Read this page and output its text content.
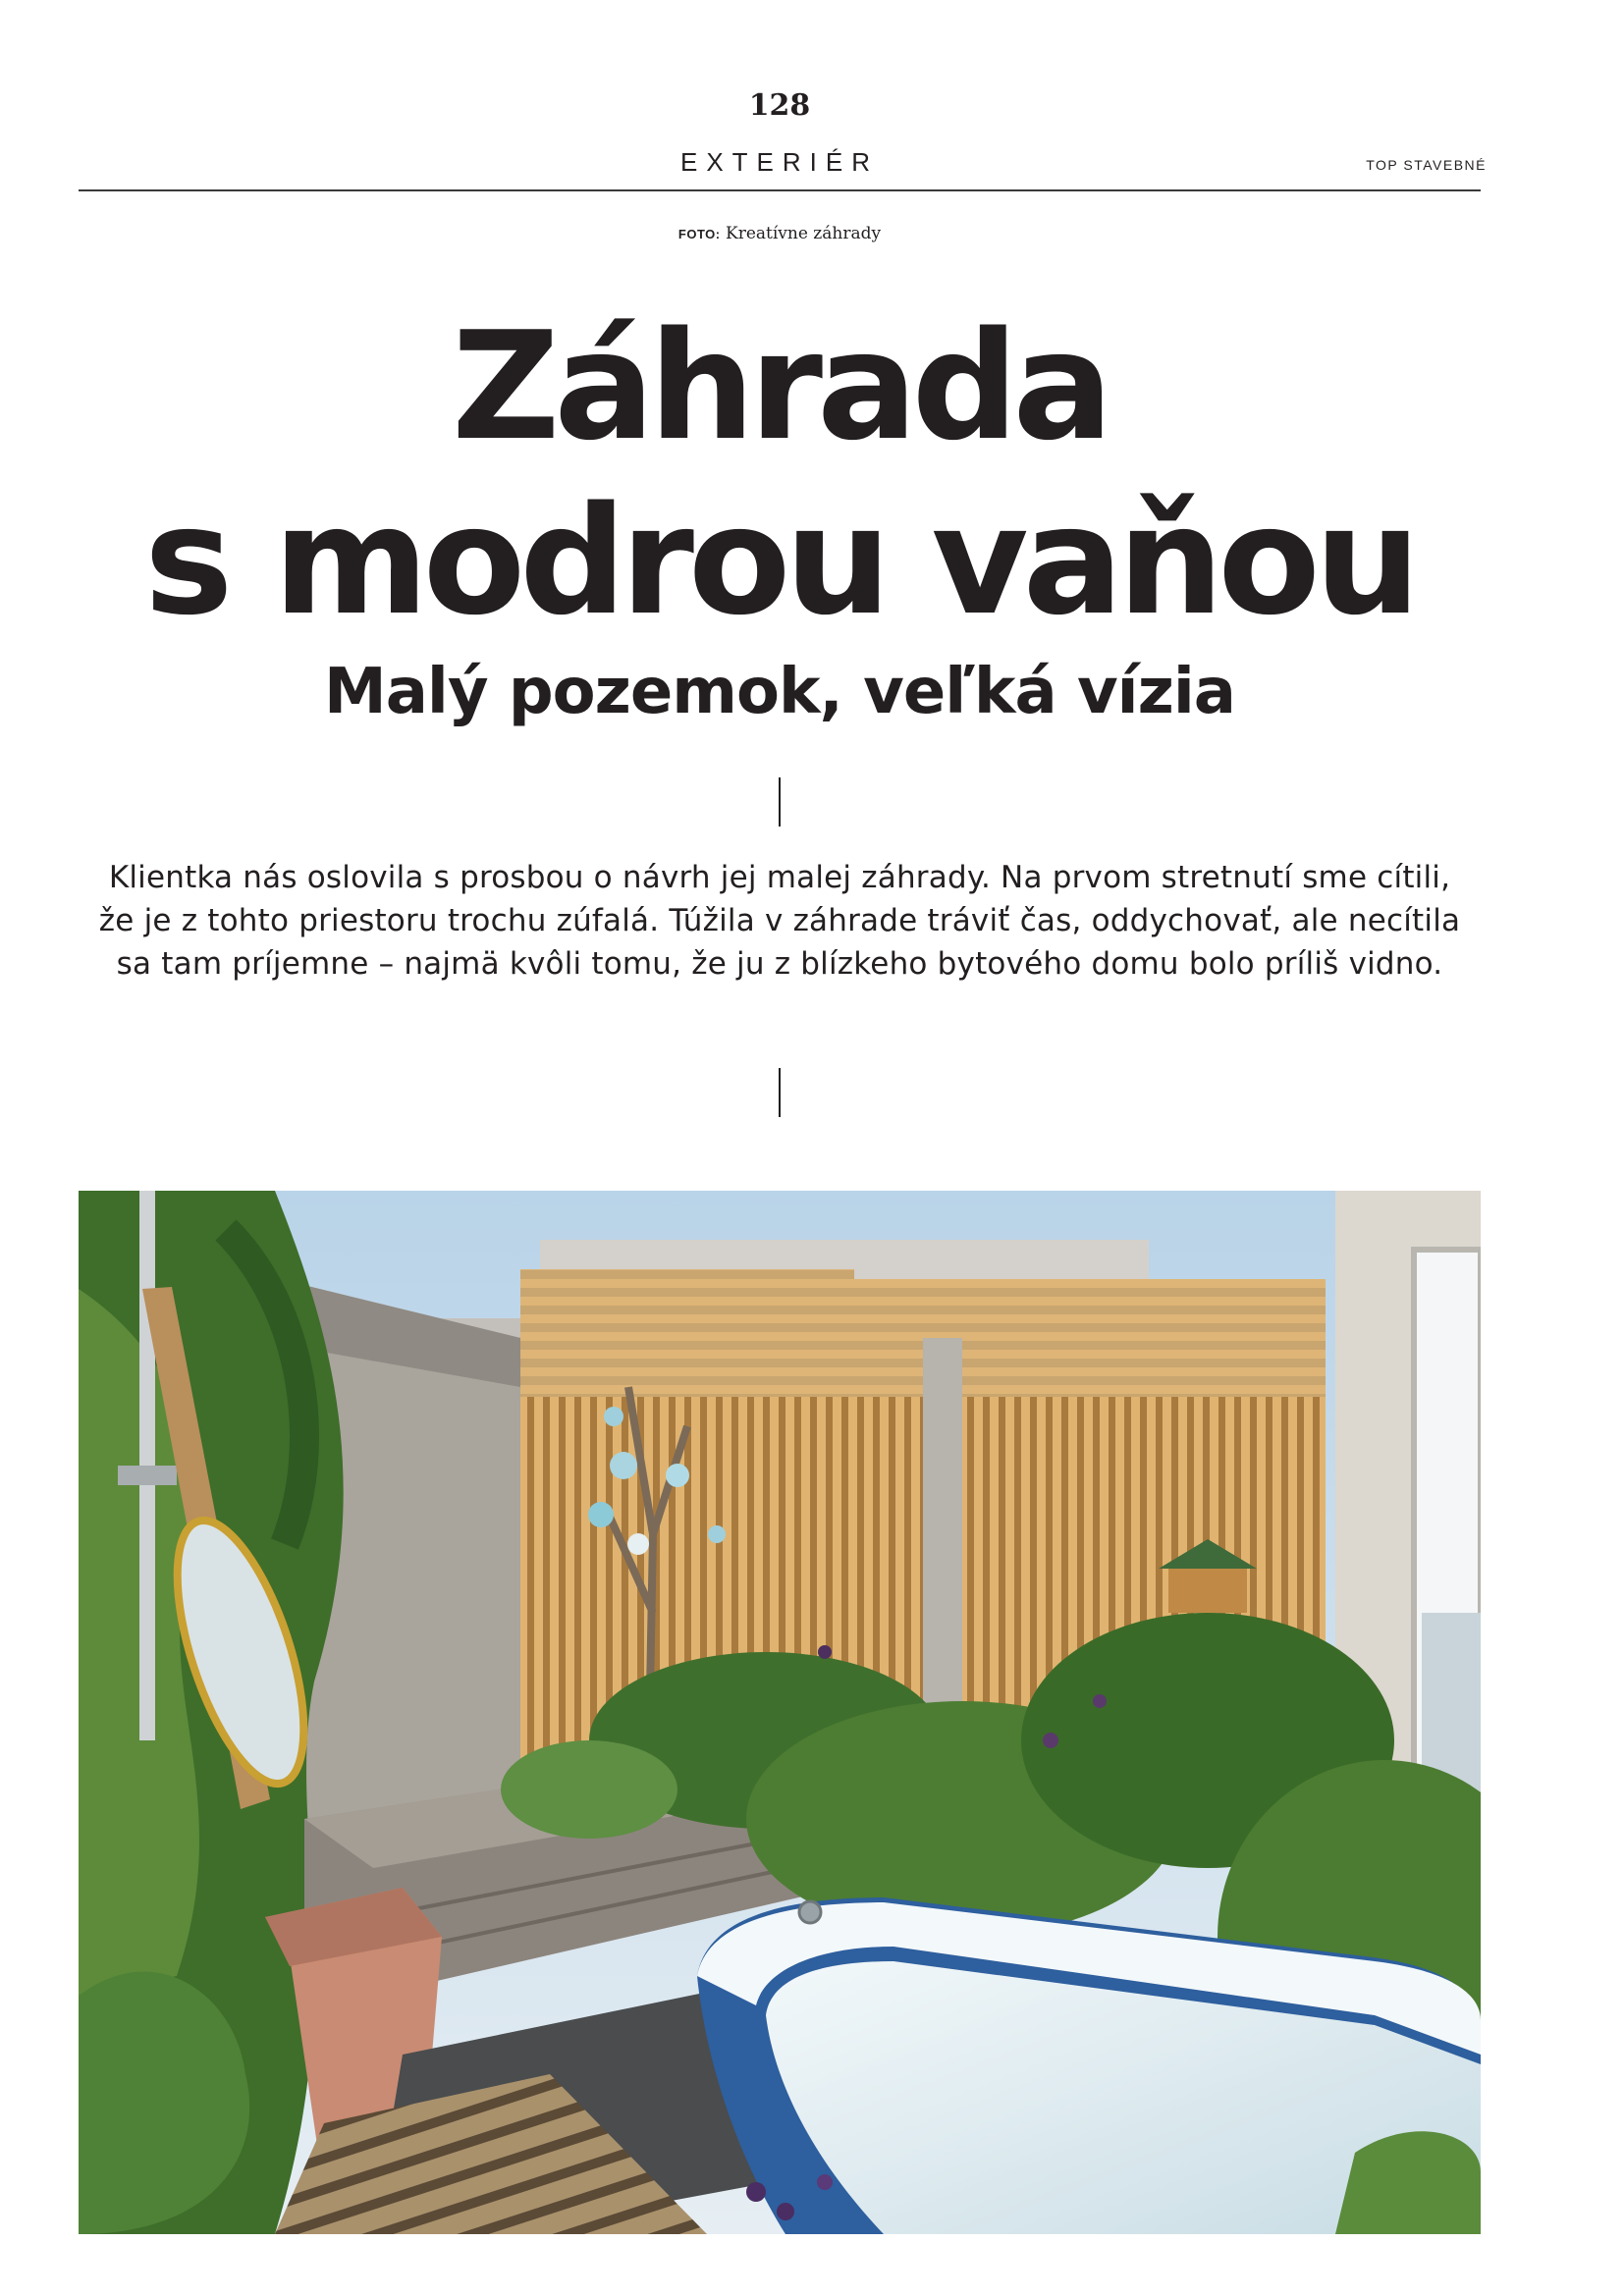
128
EXTERIÉR	TOP STAVEBNÉ
FOTO: Kreatívne záhrady
Záhrada
s modrou vaňou
Malý pozemok, veľká vízia

Klientka nás oslovila s prosbou o návrh jej malej záhrady. Na prvom stretnutí sme cítili, že je z tohto priestoru trochu zúfalá. Túžila v záhrade tráviť čas, oddychovať, ale necítila sa tam príjemne – najmä kvôli tomu, že ju z blízkeho bytového domu bolo príliš vidno.
